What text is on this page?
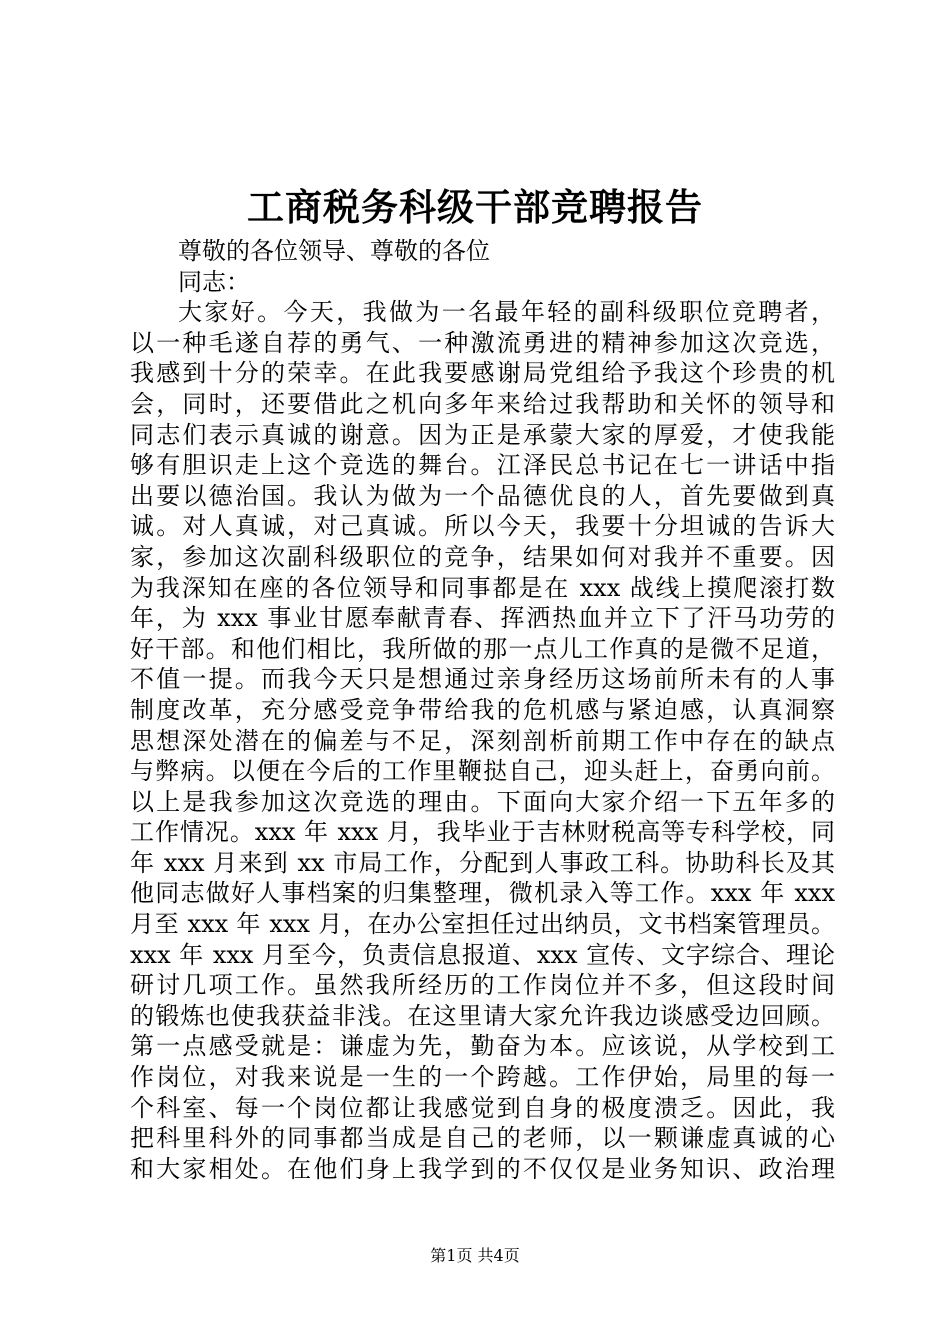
工商税务科级干部竞聘报告
尊敬的各位领导、尊敬的各位
同志：
大家好。今天，我做为一名最年轻的副科级职位竞聘者，
以一种毛遂自荐的勇气、一种激流勇进的精神参加这次竞选，
我感到十分的荣幸。在此我要感谢局党组给予我这个珍贵的机
会，同时，还要借此之机向多年来给过我帮助和关怀的领导和
同志们表示真诚的谢意。因为正是承蒙大家的厚爱，才使我能
够有胆识走上这个竞选的舞台。江泽民总书记在七一讲话中指
出要以德治国。我认为做为一个品德优良的人，首先要做到真
诚。对人真诚，对己真诚。所以今天，我要十分坦诚的告诉大
家，参加这次副科级职位的竞争，结果如何对我并不重要。因
为我深知在座的各位领导和同事都是在 xxx 战线上摸爬滚打数
年，为 xxx 事业甘愿奉献青春、挥洒热血并立下了汗马功劳的
好干部。和他们相比，我所做的那一点儿工作真的是微不足道，
不值一提。而我今天只是想通过亲身经历这场前所未有的人事
制度改革，充分感受竞争带给我的危机感与紧迫感，认真洞察
思想深处潜在的偏差与不足，深刻剖析前期工作中存在的缺点
与弊病。以便在今后的工作里鞭挞自己，迎头赶上，奋勇向前。
以上是我参加这次竞选的理由。下面向大家介绍一下五年多的
工作情况。xxx 年 xxx 月，我毕业于吉林财税高等专科学校，同
年 xxx 月来到 xx 市局工作，分配到人事政工科。协助科长及其
他同志做好人事档案的归集整理，微机录入等工作。xxx 年 xxx
月至 xxx 年 xxx 月，在办公室担任过出纳员，文书档案管理员。
xxx 年 xxx 月至今，负责信息报道、xxx 宣传、文字综合、理论
研讨几项工作。虽然我所经历的工作岗位并不多，但这段时间
的锻炼也使我获益非浅。在这里请大家允许我边谈感受边回顾。
第一点感受就是：谦虚为先，勤奋为本。应该说，从学校到工
作岗位，对我来说是一生的一个跨越。工作伊始，局里的每一
个科室、每一个岗位都让我感觉到自身的极度溃乏。因此，我
把科里科外的同事都当成是自己的老师，以一颗谦虚真诚的心
和大家相处。在他们身上我学到的不仅仅是业务知识、政治理
第1页 共4页
